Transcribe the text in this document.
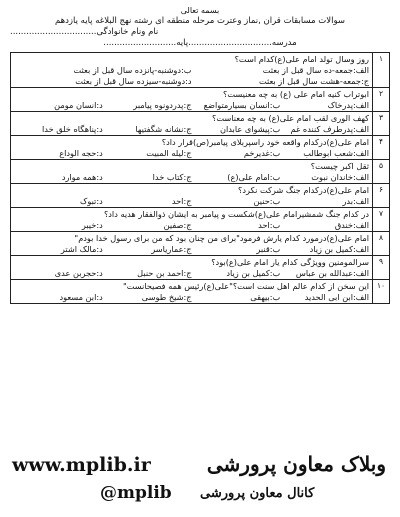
بسمه تعالی
سوالات مسابقات قران ,نماز وعترت مرحله منطقه ای رشته نهج البلاغه پایه یازدهم
نام ونام خانوادگی................................
...........................مدرسه...............................پایه
۱	روز وسال تولد امام علی(ع)کدام است؟
الف:جمعه-ده سال قبل از بعثت
ب:دوشنبه-پانزده سال قبل از بعثت
ج:جمعه-هشت سال قبل از بعثت
د:دوشنبه-سیزده سال قبل از بعثت

۲	ابوتراب کنیه امام علی (ع) به چه معنیست؟
الف:پدرخاک
ب:انسان بسیارمتواضع
ج:پدردونوه پیامبر
د:انسان مومن

۳	کهف الوری لقب امام علی(ع) به چه معناست؟
الف:پدرطرف کننده غم
ب:پیشوای عابدان
ج:نشانه شگفتیها
د:پناهگاه خلق خدا

۴	امام علی(ع)درکدام واقعه خود راسپربلای پیامبر(ص)قرار داد؟
الف:شعب ابوطالب
ب:غدیرخم
ج:لیله المبیت
د:حجه الوداع

۵	ثقل اکبر چیست؟
الف:خاندان نبوت
ب:امام علی(ع)
ج:کتاب خدا
د:همه موارد

۶	امام علی(ع)درکدام جنگ شرکت نکرد؟
الف:بدر
ب:حنین
ج:احد
د:تبوک

۷	در کدام جنگ شمشیرامام علی(ع)شکست و پیامبر به ایشان ذوالفقار هدیه داد؟
الف:خندق
ب:احد
ج:صفین
د:خیبر

۸	امام علی(ع)درمورد کدام یارش فرمود"برای من چنان بود که من برای رسول خدا بودم"
الف:کمیل بن زیاد
ب:قنبر
ج:عماریاسر
د:مالک اشتر

۹	سرالمومنین وویژگی کدام یار امام علی(ع)بود؟
الف:عبدالله بن عباس
ب:کمیل بن زیاد
ج:احمد بن حنبل
د:حجربن عدی

۱۰	این سخن از کدام عالم اهل سنت است؟"علی(ع)رئیس همه فصیحانست"
الف:ابن ابی الحدید
ب:بیهقی
ج:شیخ طوسی
د:ابن مسعود
www.mplib.ir	وبلاک معاون پرورشی
کانال معاون پرورشی
@mplib
